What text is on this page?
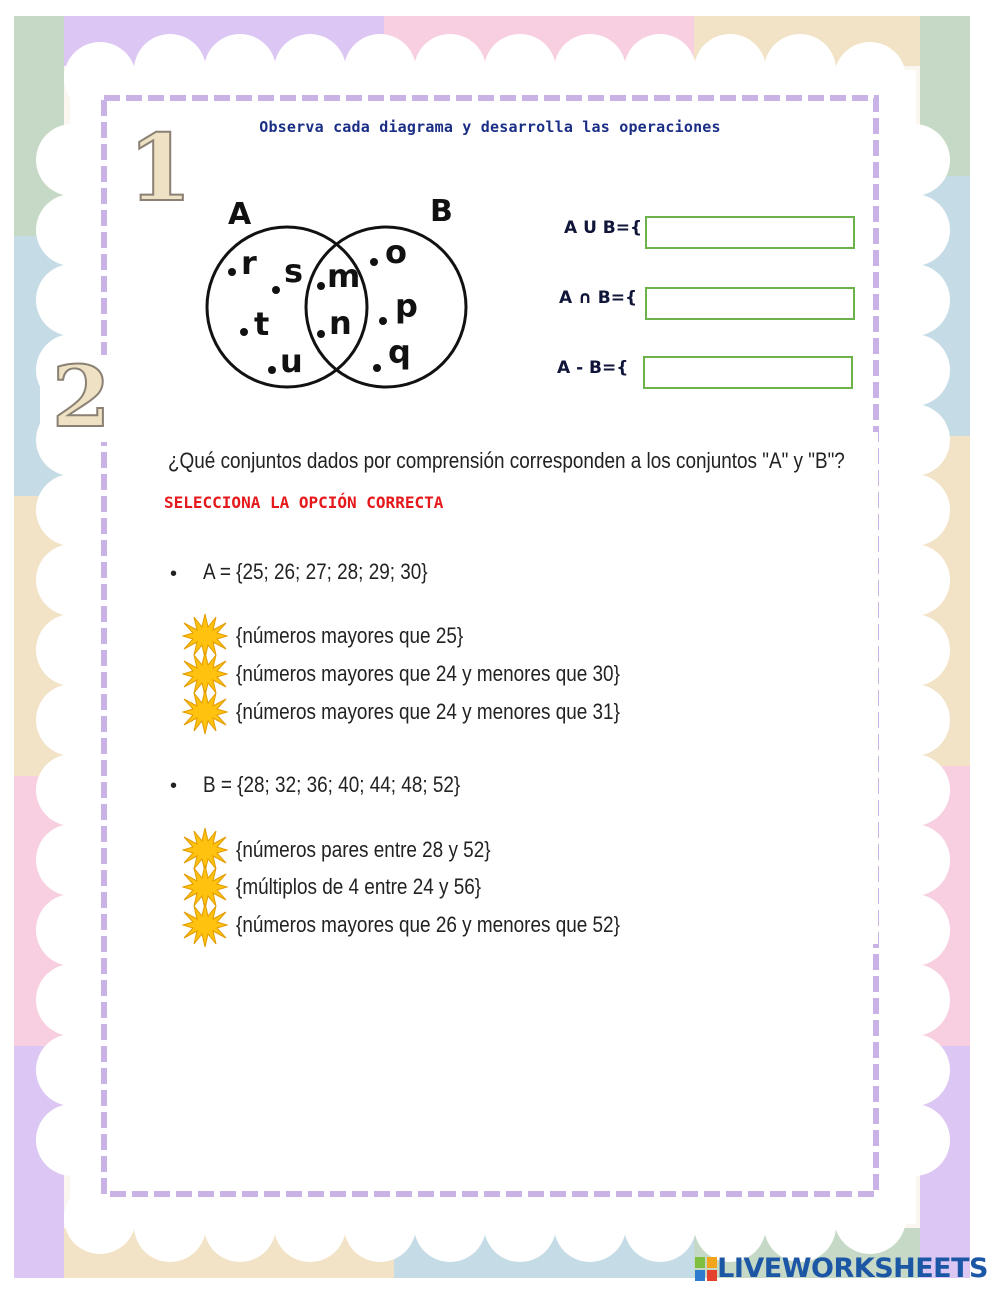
Observa cada diagrama y desarrolla las operaciones
1 A	B
r s
t
u
m
n
o
p
q
A U B={
A ∩ B={
A - B={
2
¿Qué conjuntos dados por comprensión corresponden a los conjuntos "A" y "B"?
SELECCIONA LA OPCIÓN CORRECTA
• A = {25; 26; 27; 28; 29; 30}
{números mayores que 25}
{números mayores que 24 y menores que 30}
{números mayores que 24 y menores que 31}
• B = {28; 32; 36; 40; 44; 48; 52}
{números pares entre 28 y 52}
{múltiplos de 4 entre 24 y 56}
{números mayores que 26 y menores que 52}
LIVEWORKSHEETS
